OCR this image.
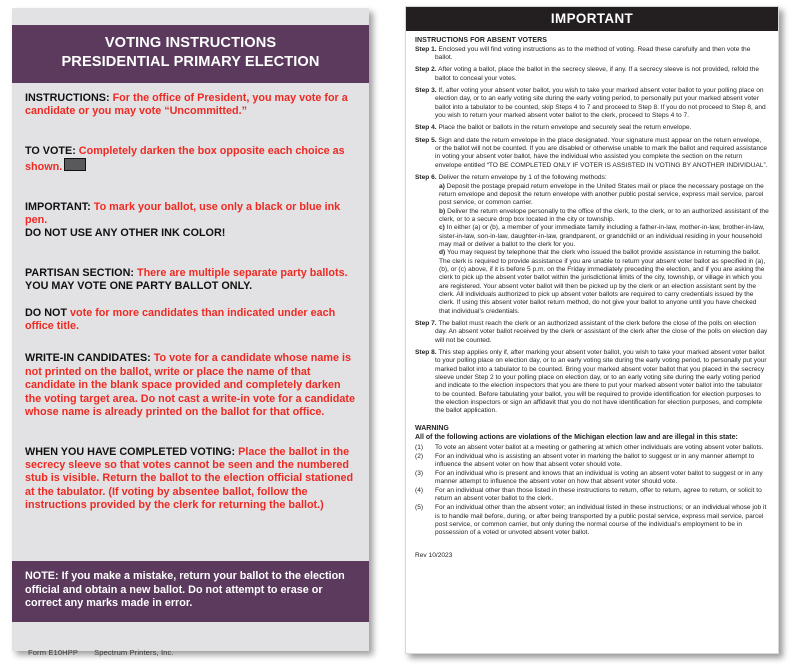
VOTING INSTRUCTIONS
PRESIDENTIAL PRIMARY ELECTION

INSTRUCTIONS: For the office of President, you may vote for a candidate or you may vote “Uncommitted.”

TO VOTE: Completely darken the box opposite each choice as shown.

IMPORTANT: To mark your ballot, use only a black or blue ink pen.
DO NOT USE ANY OTHER INK COLOR!

PARTISAN SECTION: There are multiple separate party ballots.
YOU MAY VOTE ONE PARTY BALLOT ONLY.

DO NOT vote for more candidates than indicated under each office title.

WRITE-IN CANDIDATES: To vote for a candidate whose name is not printed on the ballot, write or place the name of that candidate in the blank space provided and completely darken the voting target area. Do not cast a write-in vote for a candidate whose name is already printed on the ballot for that office.

WHEN YOU HAVE COMPLETED VOTING: Place the ballot in the secrecy sleeve so that votes cannot be seen and the numbered stub is visible. Return the ballot to the election official stationed at the tabulator. (If voting by absentee ballot, follow the instructions provided by the clerk for returning the ballot.)

NOTE: If you make a mistake, return your ballot to the election official and obtain a new ballot. Do not attempt to erase or correct any marks made in error.

Form E10HPP Spectrum Printers, Inc.
IMPORTANT

INSTRUCTIONS FOR ABSENT VOTERS

Step 1. Enclosed you will find voting instructions as to the method of voting. Read these carefully and then vote the ballot.

Step 2. After voting a ballot, place the ballot in the secrecy sleeve, if any. If a secrecy sleeve is not provided, refold the ballot to conceal your votes.

Step 3. If, after voting your absent voter ballot, you wish to take your marked absent voter ballot to your polling place on election day, or to an early voting site during the early voting period, to personally put your marked absent voter ballot into a tabulator to be counted, skip Steps 4 to 7 and proceed to Step 8. If you do not proceed to Step 8, and you wish to return your marked absent voter ballot to the clerk, proceed to Steps 4 to 7.

Step 4. Place the ballot or ballots in the return envelope and securely seal the return envelope.

Step 5. Sign and date the return envelope in the place designated. Your signature must appear on the return envelope, or the ballot will not be counted. If you are disabled or otherwise unable to mark the ballot and required assistance in voting your absent voter ballot, have the individual who assisted you complete the section on the return envelope entitled “TO BE COMPLETED ONLY IF VOTER IS ASSISTED IN VOTING BY ANOTHER INDIVIDUAL”.

Step 6. Deliver the return envelope by 1 of the following methods:

a) Deposit the postage prepaid return envelope in the United States mail or place the necessary postage on the return envelope and deposit the return envelope with another public postal service, express mail service, parcel post service, or common carrier.

b) Deliver the return envelope personally to the office of the clerk, to the clerk, or to an authorized assistant of the clerk, or to a secure drop box located in the city or township.

c) In either (a) or (b), a member of your immediate family including a father-in-law, mother-in-law, brother-in-law, sister-in-law, son-in-law, daughter-in-law, grandparent, or grandchild or an individual residing in your household may mail or deliver a ballot to the clerk for you.

d) You may request by telephone that the clerk who issued the ballot provide assistance in returning the ballot. The clerk is required to provide assistance if you are unable to return your absent voter ballot as specified in (a), (b), or (c) above, if it is before 5 p.m. on the Friday immediately preceding the election, and if you are asking the clerk to pick up the absent voter ballot within the jurisdictional limits of the city, township, or village in which you are registered. Your absent voter ballot will then be picked up by the clerk or an election assistant sent by the clerk. All individuals authorized to pick up absent voter ballots are required to carry credentials issued by the clerk. If using this absent voter ballot return method, do not give your ballot to anyone until you have checked that individual’s credentials.

Step 7. The ballot must reach the clerk or an authorized assistant of the clerk before the close of the polls on election day. An absent voter ballot received by the clerk or assistant of the clerk after the close of the polls on election day will not be counted.

Step 8. This step applies only if, after marking your absent voter ballot, you wish to take your marked absent voter ballot to your polling place on election day, or to an early voting site during the early voting period, to personally put your marked ballot into a tabulator to be counted. Bring your marked absent voter ballot that you placed in the secrecy sleeve under Step 2 to your polling place on election day, or to an early voting site during the early voting period and indicate to the election inspectors that you are there to put your marked absent voter ballot into the tabulator to be counted. Before tabulating your ballot, you will be required to provide identification for election purposes to the election inspectors or sign an affidavit that you do not have identification for election purposes, and complete the ballot application.

WARNING

All of the following actions are violations of the Michigan election law and are illegal in this state:

(1) To vote an absent voter ballot at a meeting or gathering at which other individuals are voting absent voter ballots.

(2) For an individual who is assisting an absent voter in marking the ballot to suggest or in any manner attempt to influence the absent voter on how that absent voter should vote.

(3) For an individual who is present and knows that an individual is voting an absent voter ballot to suggest or in any manner attempt to influence the absent voter on how that absent voter should vote.

(4) For an individual other than those listed in these instructions to return, offer to return, agree to return, or solicit to return an absent voter ballot to the clerk.

(5) For an individual other than the absent voter; an individual listed in these instructions; or an individual whose job it is to handle mail before, during, or after being transported by a public postal service, express mail service, parcel post service, or common carrier, but only during the normal course of the individual’s employment to be in possession of a voted or unvoted absent voter ballot.

Rev 10/2023
